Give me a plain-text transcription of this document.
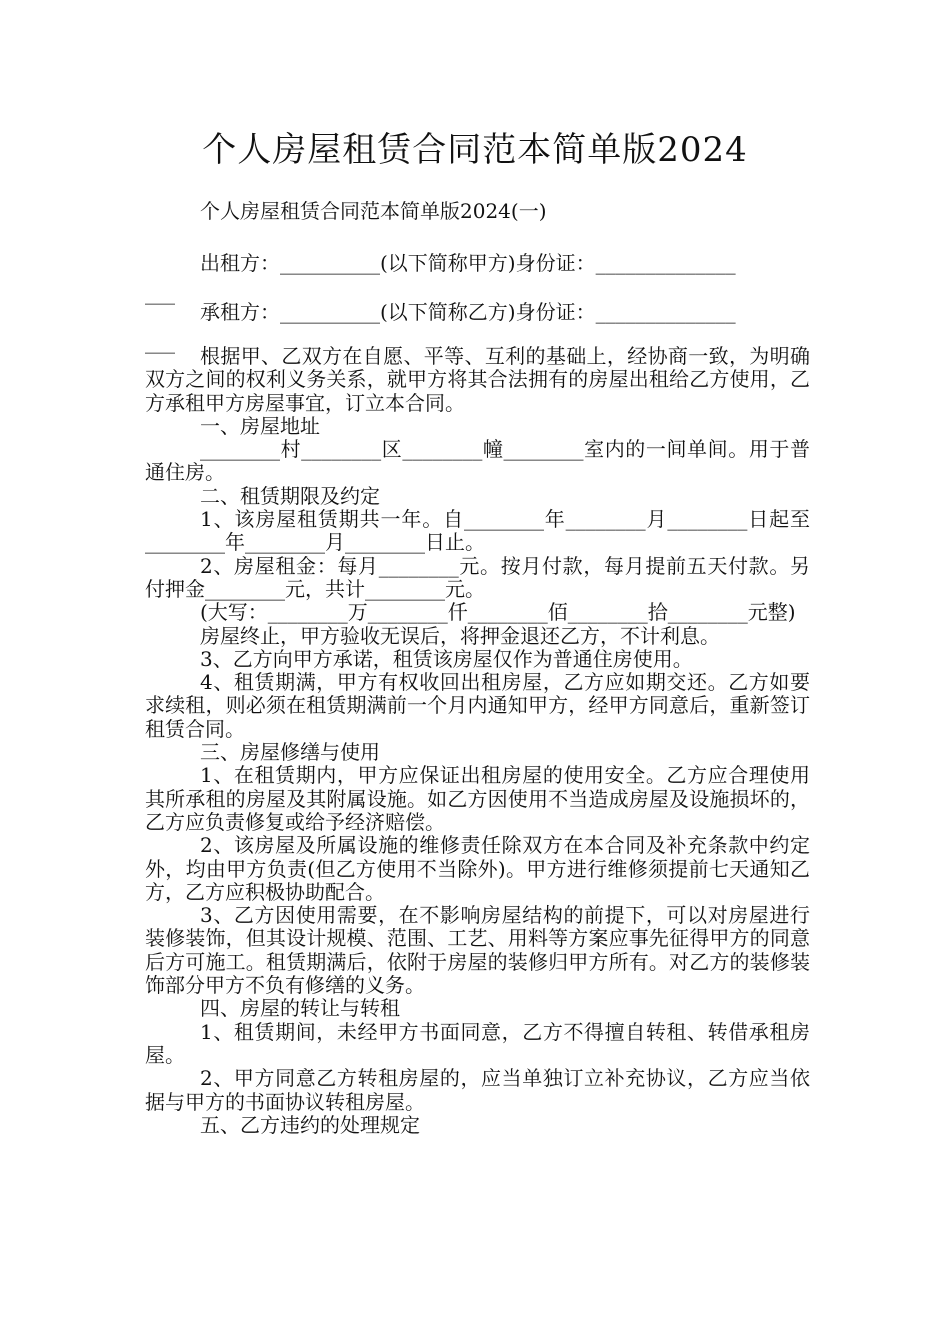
个人房屋租赁合同范本简单版2024
个人房屋租赁合同范本简单版2024(一)
出租方：__________(以下简称甲方)身份证：______________
___
承租方：__________(以下简称乙方)身份证：______________
___

根据甲、乙双方在自愿、平等、互利的基础上，经协商一致，为明确双方之间的权利义务关系，就甲方将其合法拥有的房屋出租给乙方使用，乙方承租甲方房屋事宜，订立本合同。

一、房屋地址

________村________区________幢________室内的一间单间。用于普通住房。

二、租赁期限及约定

1、该房屋租赁期共一年。自________年________月________日起至________年________月________日止。

2、房屋租金：每月________元。按月付款，每月提前五天付款。另付押金________元，共计________元。

(大写：________万________仟________佰________拾________元整)

房屋终止，甲方验收无误后，将押金退还乙方，不计利息。

3、乙方向甲方承诺，租赁该房屋仅作为普通住房使用。

4、租赁期满，甲方有权收回出租房屋，乙方应如期交还。乙方如要求续租，则必须在租赁期满前一个月内通知甲方，经甲方同意后，重新签订租赁合同。

三、房屋修缮与使用

1、在租赁期内，甲方应保证出租房屋的使用安全。乙方应合理使用其所承租的房屋及其附属设施。如乙方因使用不当造成房屋及设施损坏的，乙方应负责修复或给予经济赔偿。

2、该房屋及所属设施的维修责任除双方在本合同及补充条款中约定外，均由甲方负责(但乙方使用不当除外)。甲方进行维修须提前七天通知乙方，乙方应积极协助配合。

3、乙方因使用需要，在不影响房屋结构的前提下，可以对房屋进行装修装饰，但其设计规模、范围、工艺、用料等方案应事先征得甲方的同意后方可施工。租赁期满后，依附于房屋的装修归甲方所有。对乙方的装修装饰部分甲方不负有修缮的义务。

四、房屋的转让与转租

1、租赁期间，未经甲方书面同意，乙方不得擅自转租、转借承租房屋。

2、甲方同意乙方转租房屋的，应当单独订立补充协议，乙方应当依据与甲方的书面协议转租房屋。

五、乙方违约的处理规定
